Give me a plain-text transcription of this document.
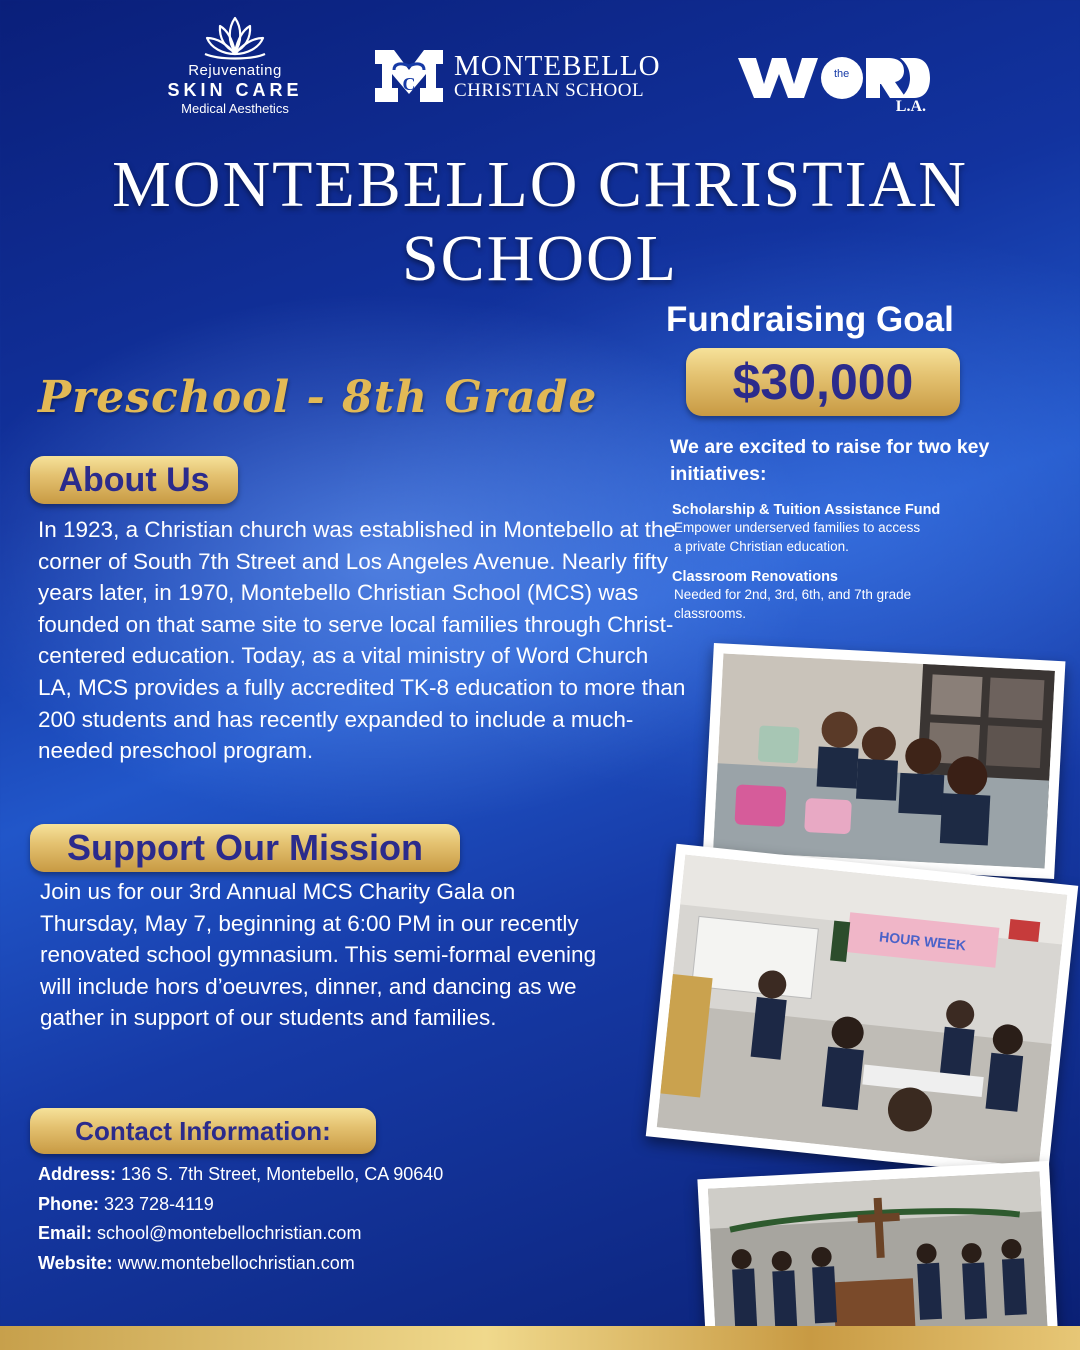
Rejuvenating
SKIN CARE
Medical Aesthetics
C
MONTEBELLO
CHRISTIAN SCHOOL
the
L.A.
MONTEBELLO CHRISTIAN
SCHOOL
Preschool - 8th Grade
About Us
In 1923, a Christian church was established in Montebello at the corner of South 7th Street and Los Angeles Avenue. Nearly fifty years later, in 1970, Montebello Christian School (MCS) was founded on that same site to serve local families through Christ-centered education. Today, as a vital ministry of Word Church LA, MCS provides a fully accredited TK-8 education to more than 200 students and has recently expanded to include a much-needed preschool program.
Support Our Mission
Join us for our 3rd Annual MCS Charity Gala on Thursday, May 7, beginning at 6:00 PM in our recently renovated school gymnasium. This semi-formal evening will include hors d’oeuvres, dinner, and dancing as we gather in support of our students and families.
Contact Information:
Address: 136 S. 7th Street, Montebello, CA 90640
Phone: 323 728-4119
Email: school@montebellochristian.com
Website: www.montebellochristian.com
Fundraising Goal
$30,000
We are excited to raise for two key initiatives:
Scholarship & Tuition Assistance Fund
Empower underserved families to access
a private Christian education.
Classroom Renovations
Needed for 2nd, 3rd, 6th, and 7th grade
classrooms.
HOUR WEEK
